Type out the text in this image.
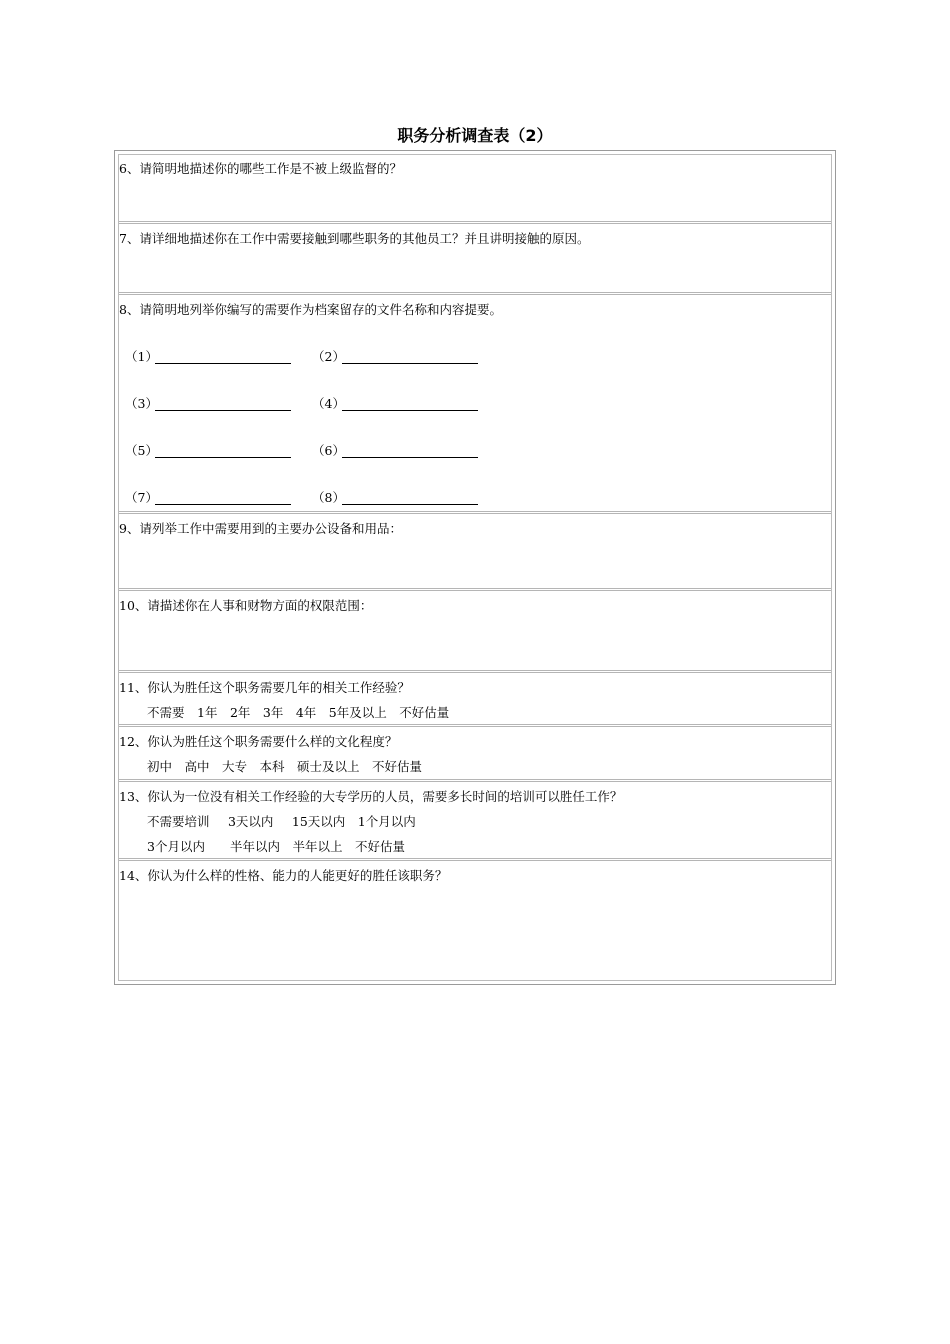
职务分析调查表（2）
6、请简明地描述你的哪些工作是不被上级监督的？
7、请详细地描述你在工作中需要接触到哪些职务的其他员工？并且讲明接触的原因。
8、请简明地列举你编写的需要作为档案留存的文件名称和内容提要。
（1）	（2）
（3）	（4）
（5）	（6）
（7）	（8）
9、请列举工作中需要用到的主要办公设备和用品：
10、请描述你在人事和财物方面的权限范围：
11、你认为胜任这个职务需要几年的相关工作经验？
不需要　1年　2年　3年　4年　5年及以上　不好估量
12、你认为胜任这个职务需要什么样的文化程度？
初中　高中　大专　本科　硕士及以上　不好估量
13、你认为一位没有相关工作经验的大专学历的人员，需要多长时间的培训可以胜任工作？
不需要培训　 3天以内　 15天以内　1个月以内
3个月以内　　半年以内　半年以上　不好估量
14、你认为什么样的性格、能力的人能更好的胜任该职务？
